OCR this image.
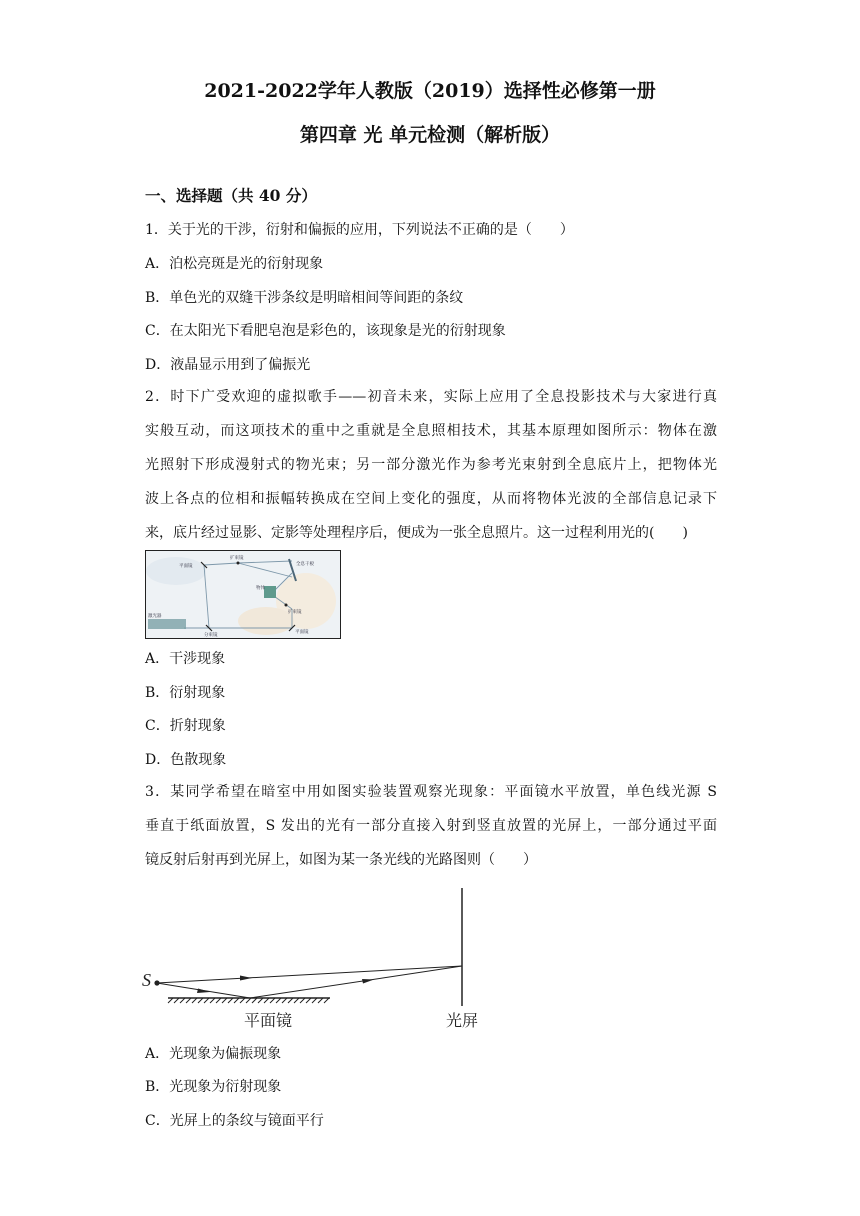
2021-2022学年人教版（2019）选择性必修第一册
第四章 光 单元检测（解析版）
一、选择题（共 40 分）
1．关于光的干涉，衍射和偏振的应用，下列说法不正确的是（　　）
A．泊松亮斑是光的衍射现象
B．单色光的双缝干涉条纹是明暗相间等间距的条纹
C．在太阳光下看肥皂泡是彩色的，该现象是光的衍射现象
D．液晶显示用到了偏振光
2．时下广受欢迎的虚拟歌手——初音未来，实际上应用了全息投影技术与大家进行真
实般互动，而这项技术的重中之重就是全息照相技术，其基本原理如图所示：物体在激
光照射下形成漫射式的物光束；另一部分激光作为参考光束射到全息底片上，把物体光
波上各点的位相和振幅转换成在空间上变化的强度，从而将物体光波的全部信息记录下
来，底片经过显影、定影等处理程序后，便成为一张全息照片。这一过程利用光的(　　)
平面镜
扩束镜
全息干板
物体
扩束镜
平面镜
激光器
分束镜
A．干涉现象
B．衍射现象
C．折射现象
D．色散现象
3．某同学希望在暗室中用如图实验装置观察光现象：平面镜水平放置，单色线光源 S
垂直于纸面放置，S 发出的光有一部分直接入射到竖直放置的光屏上，一部分通过平面
镜反射后射再到光屏上，如图为某一条光线的光路图则（　　）
S
平面镜	光屏
A．光现象为偏振现象
B．光现象为衍射现象
C．光屏上的条纹与镜面平行
